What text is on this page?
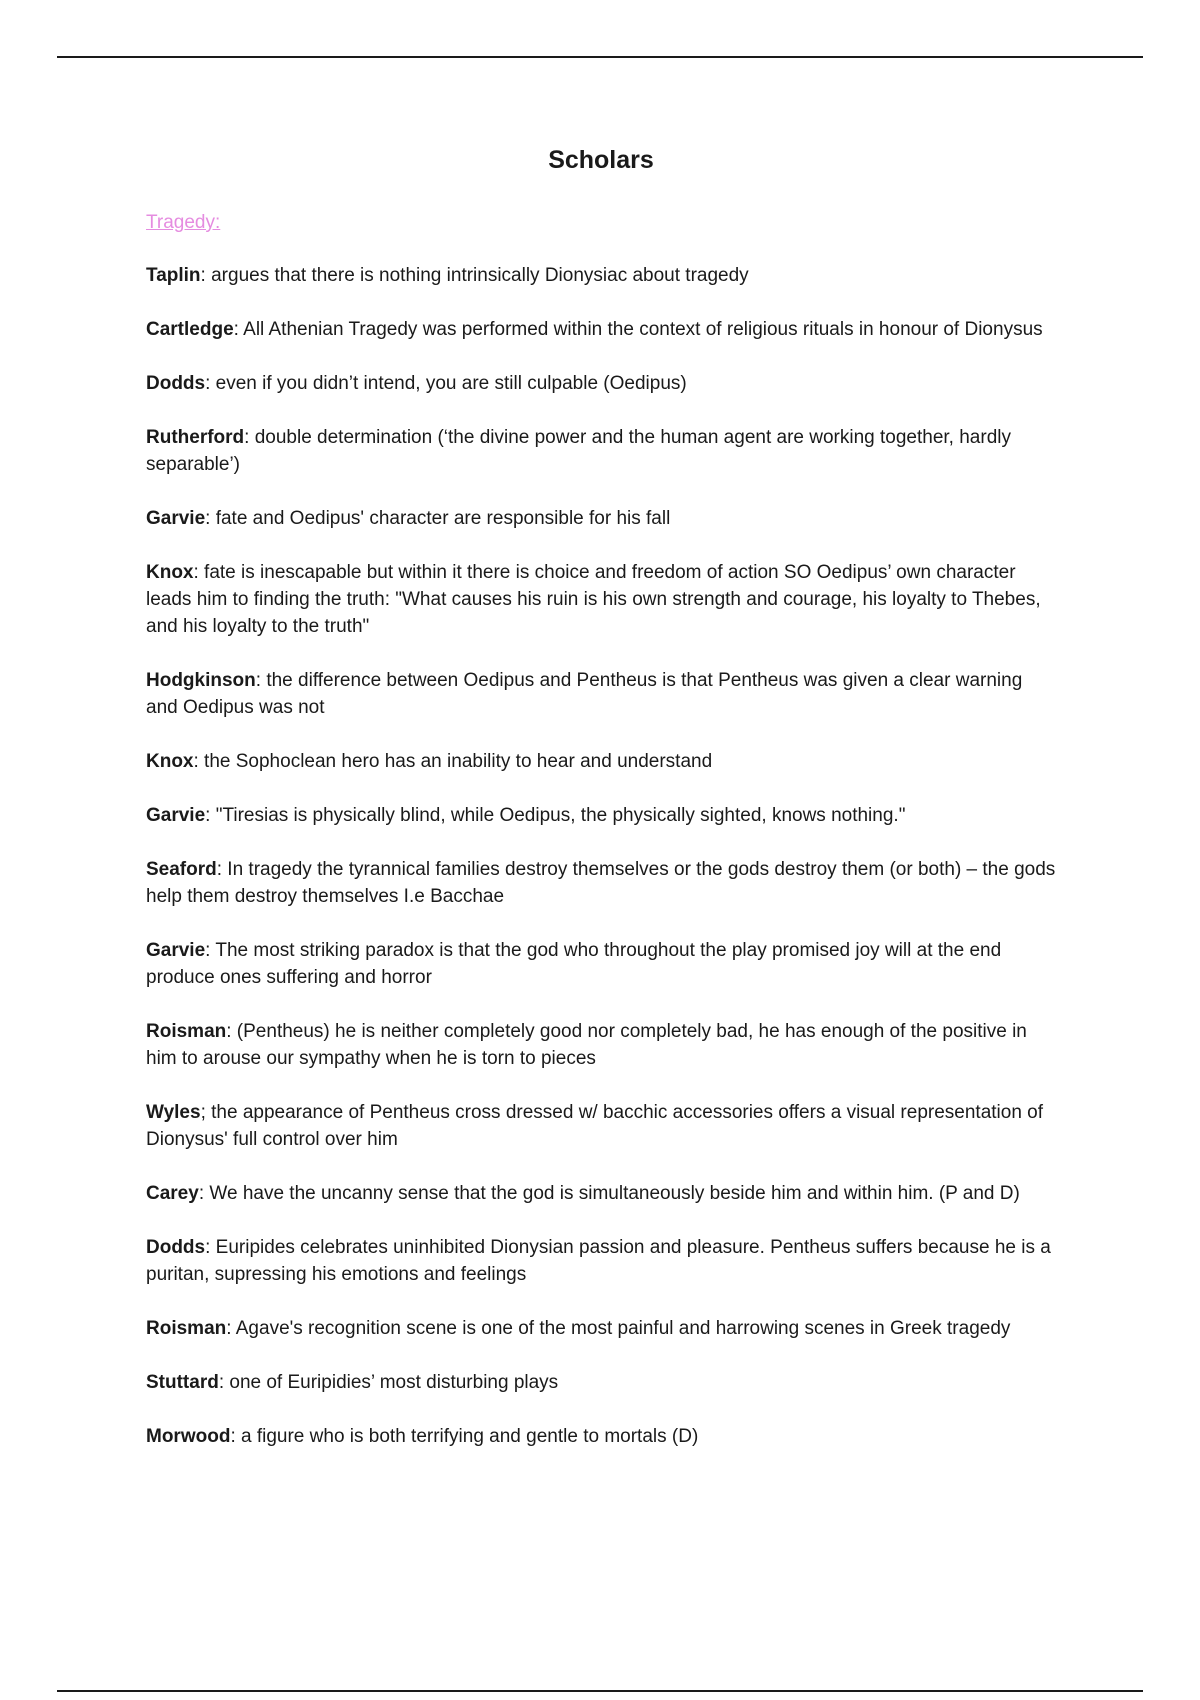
Scholars

Tragedy:

Taplin: argues that there is nothing intrinsically Dionysiac about tragedy
Cartledge: All Athenian Tragedy was performed within the context of religious rituals in honour of Dionysus
Dodds: even if you didn’t intend, you are still culpable (Oedipus)
Rutherford: double determination (‘the divine power and the human agent are working together, hardly separable’)
Garvie: fate and Oedipus' character are responsible for his fall
Knox: fate is inescapable but within it there is choice and freedom of action SO Oedipus’ own character leads him to finding the truth: "What causes his ruin is his own strength and courage, his loyalty to Thebes, and his loyalty to the truth"
Hodgkinson: the difference between Oedipus and Pentheus is that Pentheus was given a clear warning and Oedipus was not
Knox: the Sophoclean hero has an inability to hear and understand
Garvie: "Tiresias is physically blind, while Oedipus, the physically sighted, knows nothing."
Seaford: In tragedy the tyrannical families destroy themselves or the gods destroy them (or both) – the gods help them destroy themselves I.e Bacchae
Garvie: The most striking paradox is that the god who throughout the play promised joy will at the end produce ones suffering and horror
Roisman: (Pentheus) he is neither completely good nor completely bad, he has enough of the positive in him to arouse our sympathy when he is torn to pieces
Wyles; the appearance of Pentheus cross dressed w/ bacchic accessories offers a visual representation of Dionysus' full control over him
Carey: We have the uncanny sense that the god is simultaneously beside him and within him. (P and D)
Dodds: Euripides celebrates uninhibited Dionysian passion and pleasure. Pentheus suffers because he is a puritan, supressing his emotions and feelings
Roisman: Agave's recognition scene is one of the most painful and harrowing scenes in Greek tragedy
Stuttard: one of Euripidies’ most disturbing plays
Morwood: a figure who is both terrifying and gentle to mortals (D)
